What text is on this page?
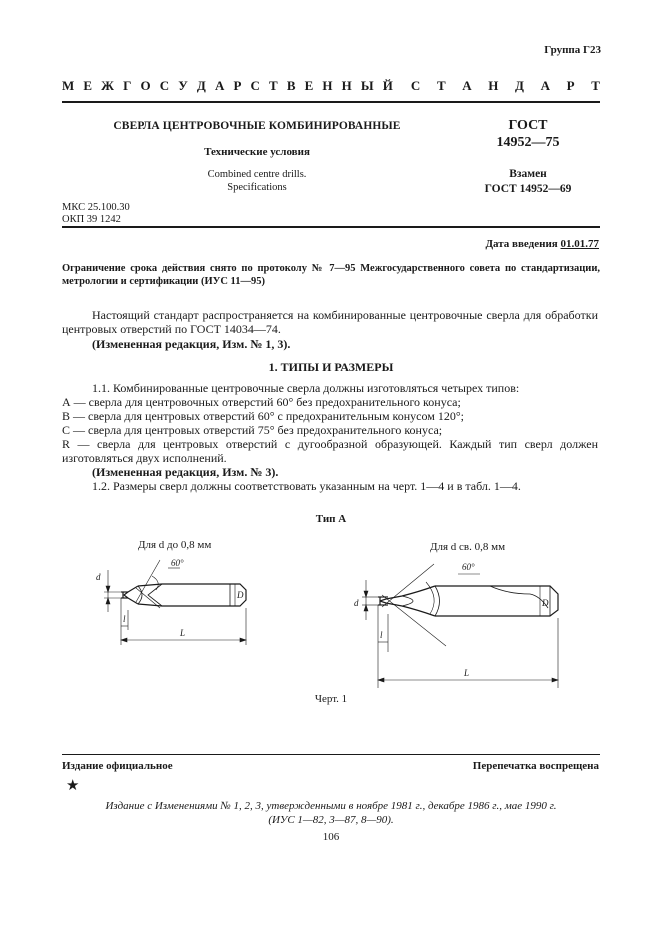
Группа Г23
М Е Ж Г О С У Д А Р С Т В Е Н Н Ы Й С Т А Н Д А Р Т
СВЕРЛА ЦЕНТРОВОЧНЫЕ КОМБИНИРОВАННЫЕ
Технические условия
Combined centre drills.
Specifications
ГОСТ
14952—75
Взамен
ГОСТ 14952—69
МКС 25.100.30
ОКП 39 1242
Дата введения 01.01.77
Ограничение срока действия снято по протоколу № 7—95 Межгосударственного совета по стандартизации, метрологии и сертификации (ИУС 11—95)
Настоящий стандарт распространяется на комбинированные центровочные сверла для обработки центровых отверстий по ГОСТ 14034—74.
(Измененная редакция, Изм. № 1, 3).
1. ТИПЫ И РАЗМЕРЫ
1.1. Комбинированные центровочные сверла должны изготовляться четырех типов:
А — сверла для центровочных отверстий 60° без предохранительного конуса;
В — сверла для центровых отверстий 60° с предохранительным конусом 120°;
С — сверла для центровых отверстий 75° без предохранительного конуса;
R — сверла для центровых отверстий с дугообразной образующей. Каждый тип сверл должен изготовляться двух исполнений.
(Измененная редакция, Изм. № 3).
1.2. Размеры сверл должны соответствовать указанным на черт. 1—4 и в табл. 1—4.
Тип А
Для d до 0,8 мм	Для d св. 0,8 мм
d
D
l
L
60°
d	D
l
L
60°
Черт. 1
Издание официальное	Перепечатка воспрещена
★
Издание с Изменениями № 1, 2, 3, утвержденными в ноябре 1981 г., декабре 1986 г., мае 1990 г.
(ИУС 1—82, 3—87, 8—90).
106
